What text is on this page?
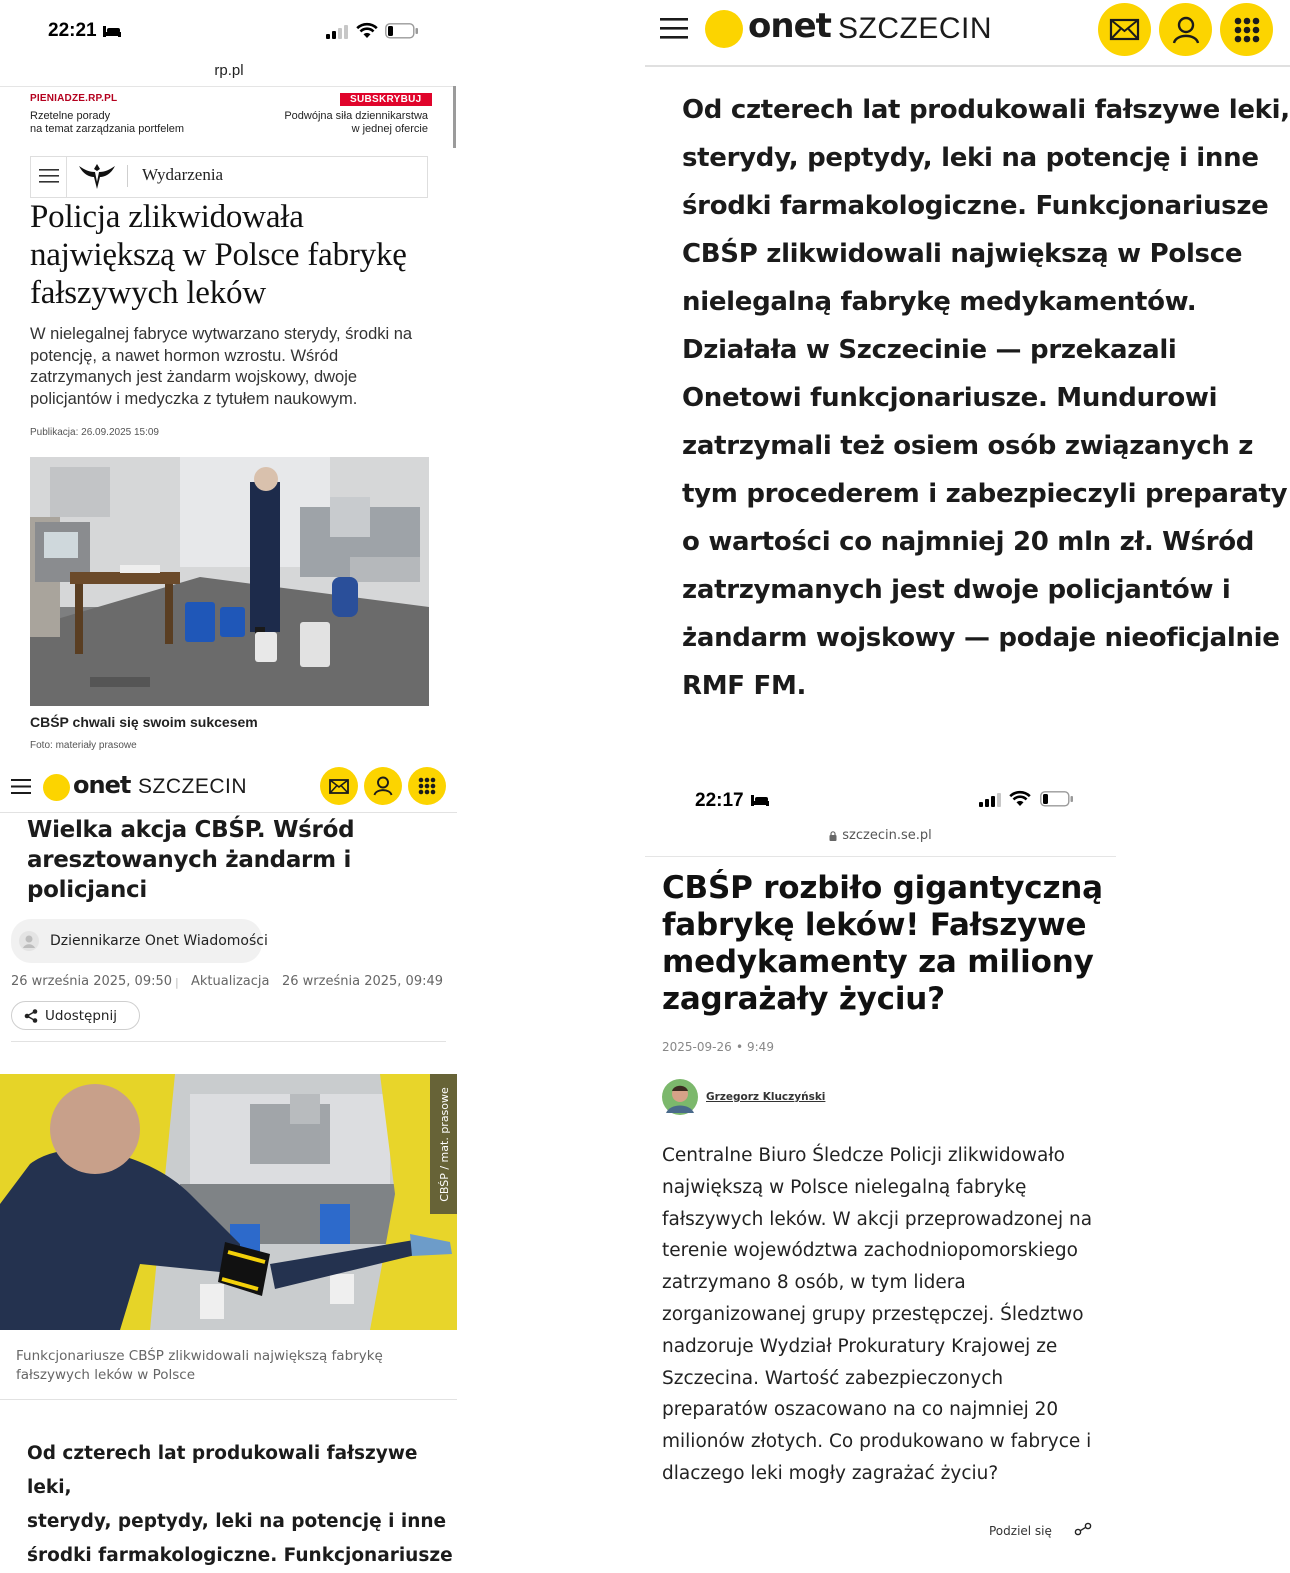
22:21
rp.pl
PIENIADZE.RP.PL
Rzetelne porady
na temat zarządzania portfelem
SUBSKRYBUJ
Podwójna siła dziennikarstwa
w jednej ofercie
Wydarzenia
Policja zlikwidowała największą w Polsce fabrykę fałszywych leków
W nielegalnej fabryce wytwarzano sterydy, środki na potencję, a nawet hormon wzrostu. Wśród zatrzymanych jest żandarm wojskowy, dwoje policjantów i medyczka z tytułem naukowym.
Publikacja: 26.09.2025 15:09
CBŚP chwali się swoim sukcesem
Foto: materiały prasowe
onet SZCZECIN
Wielka akcja CBŚP. Wśród aresztowanych żandarm i policjanci
Dziennikarze Onet Wiadomości
26 września 2025, 09:50 | Aktualizacja 26 września 2025, 09:49
Udostępnij
CBŚP / mat. prasowe
Funkcjonariusze CBŚP zlikwidowali największą fabrykę fałszywych leków w Polsce
Od czterech lat produkowali fałszywe leki,
sterydy, peptydy, leki na potencję i inne
środki farmakologiczne. Funkcjonariusze
onet SZCZECIN
Od czterech lat produkowali fałszywe leki,
sterydy, peptydy, leki na potencję i inne
środki farmakologiczne. Funkcjonariusze
CBŚP zlikwidowali największą w Polsce
nielegalną fabrykę medykamentów.
Działała w Szczecinie — przekazali
Onetowi funkcjonariusze. Mundurowi
zatrzymali też osiem osób związanych z
tym procederem i zabezpieczyli preparaty
o wartości co najmniej 20 mln zł. Wśród
zatrzymanych jest dwoje policjantów i
żandarm wojskowy — podaje nieoficjalnie
RMF FM.
22:17
szczecin.se.pl
CBŚP rozbiło gigantyczną
fabrykę leków! Fałszywe
medykamenty za miliony
zagrażały życiu?
2025-09-26 • 9:49
Grzegorz Kluczyński
Centralne Biuro Śledcze Policji zlikwidowało
największą w Polsce nielegalną fabrykę
fałszywych leków. W akcji przeprowadzonej na
terenie województwa zachodniopomorskiego
zatrzymano 8 osób, w tym lidera
zorganizowanej grupy przestępczej. Śledztwo
nadzoruje Wydział Prokuratury Krajowej ze
Szczecina. Wartość zabezpieczonych
preparatów oszacowano na co najmniej 20
milionów złotych. Co produkowano w fabryce i
dlaczego leki mogły zagrażać życiu?
Podziel się
